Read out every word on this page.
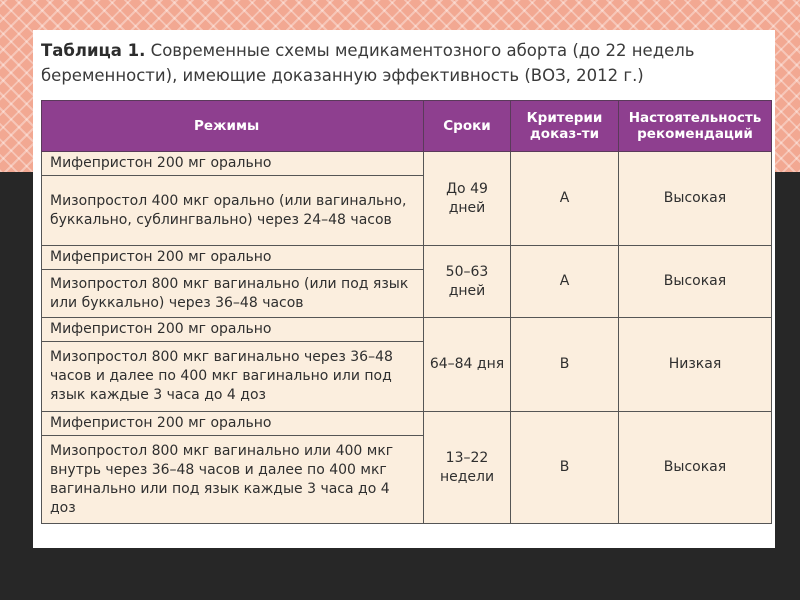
Таблица 1. Современные схемы медикаментозного аборта (до 22 недель беременности), имеющие доказанную эффективность (ВОЗ, 2012 г.)
Режимы	Сроки	Критерии доказ-ти	Настоятельность рекомендаций
Мифепристон 200 мг орально	До 49 дней	A	Высокая
Мизопростол 400 мкг орально (или вагинально, буккально, сублингвально) через 24–48 часов			
Мифепристон 200 мг орально	50–63 дней	A	Высокая
Мизопростол 800 мкг вагинально (или под язык или буккально) через 36–48 часов			
Мифепристон 200 мг орально	64–84 дня	B	Низкая
Мизопростол 800 мкг вагинально через 36–48 часов и далее по 400 мкг вагинально или под язык каждые 3 часа до 4 доз			
Мифепристон 200 мг орально	13–22 недели	B	Высокая
Мизопростол 800 мкг вагинально или 400 мкг внутрь через 36–48 часов и далее по 400 мкг вагинально или под язык каждые 3 часа до 4 доз			
